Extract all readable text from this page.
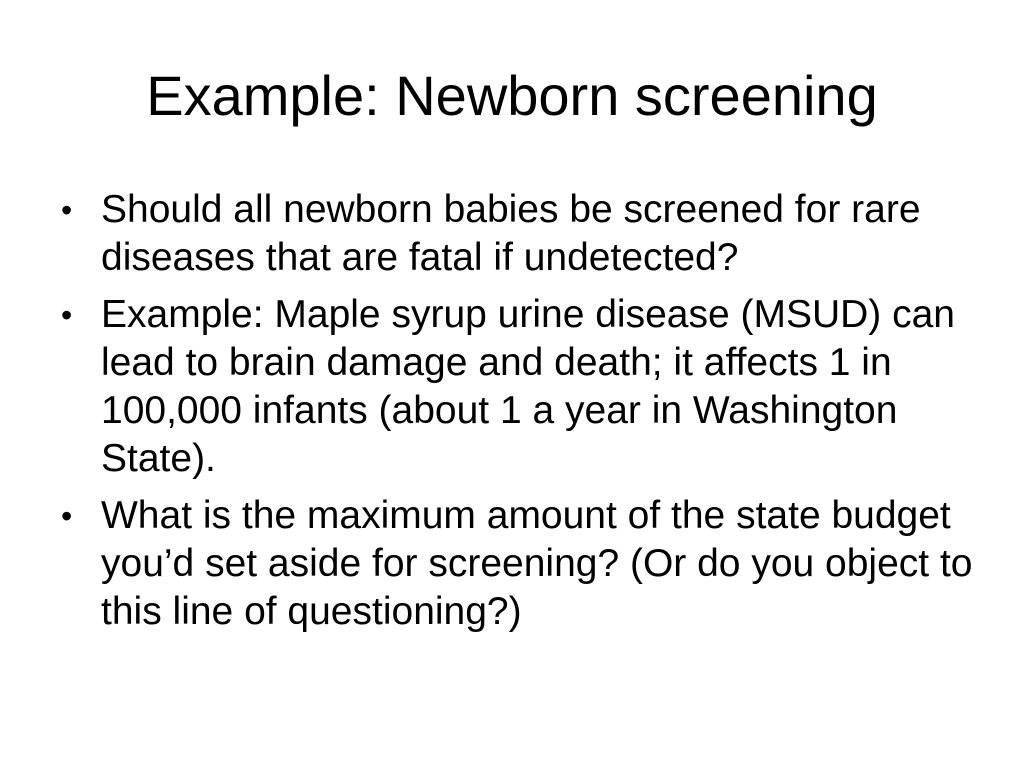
Example: Newborn screening
• Should all newborn babies be screened for rare diseases that are fatal if undetected?
• Example: Maple syrup urine disease (MSUD) can lead to brain damage and death; it affects 1 in 100,000 infants (about 1 a year in Washington State).
• What is the maximum amount of the state budget you’d set aside for screening? (Or do you object to this line of questioning?)
